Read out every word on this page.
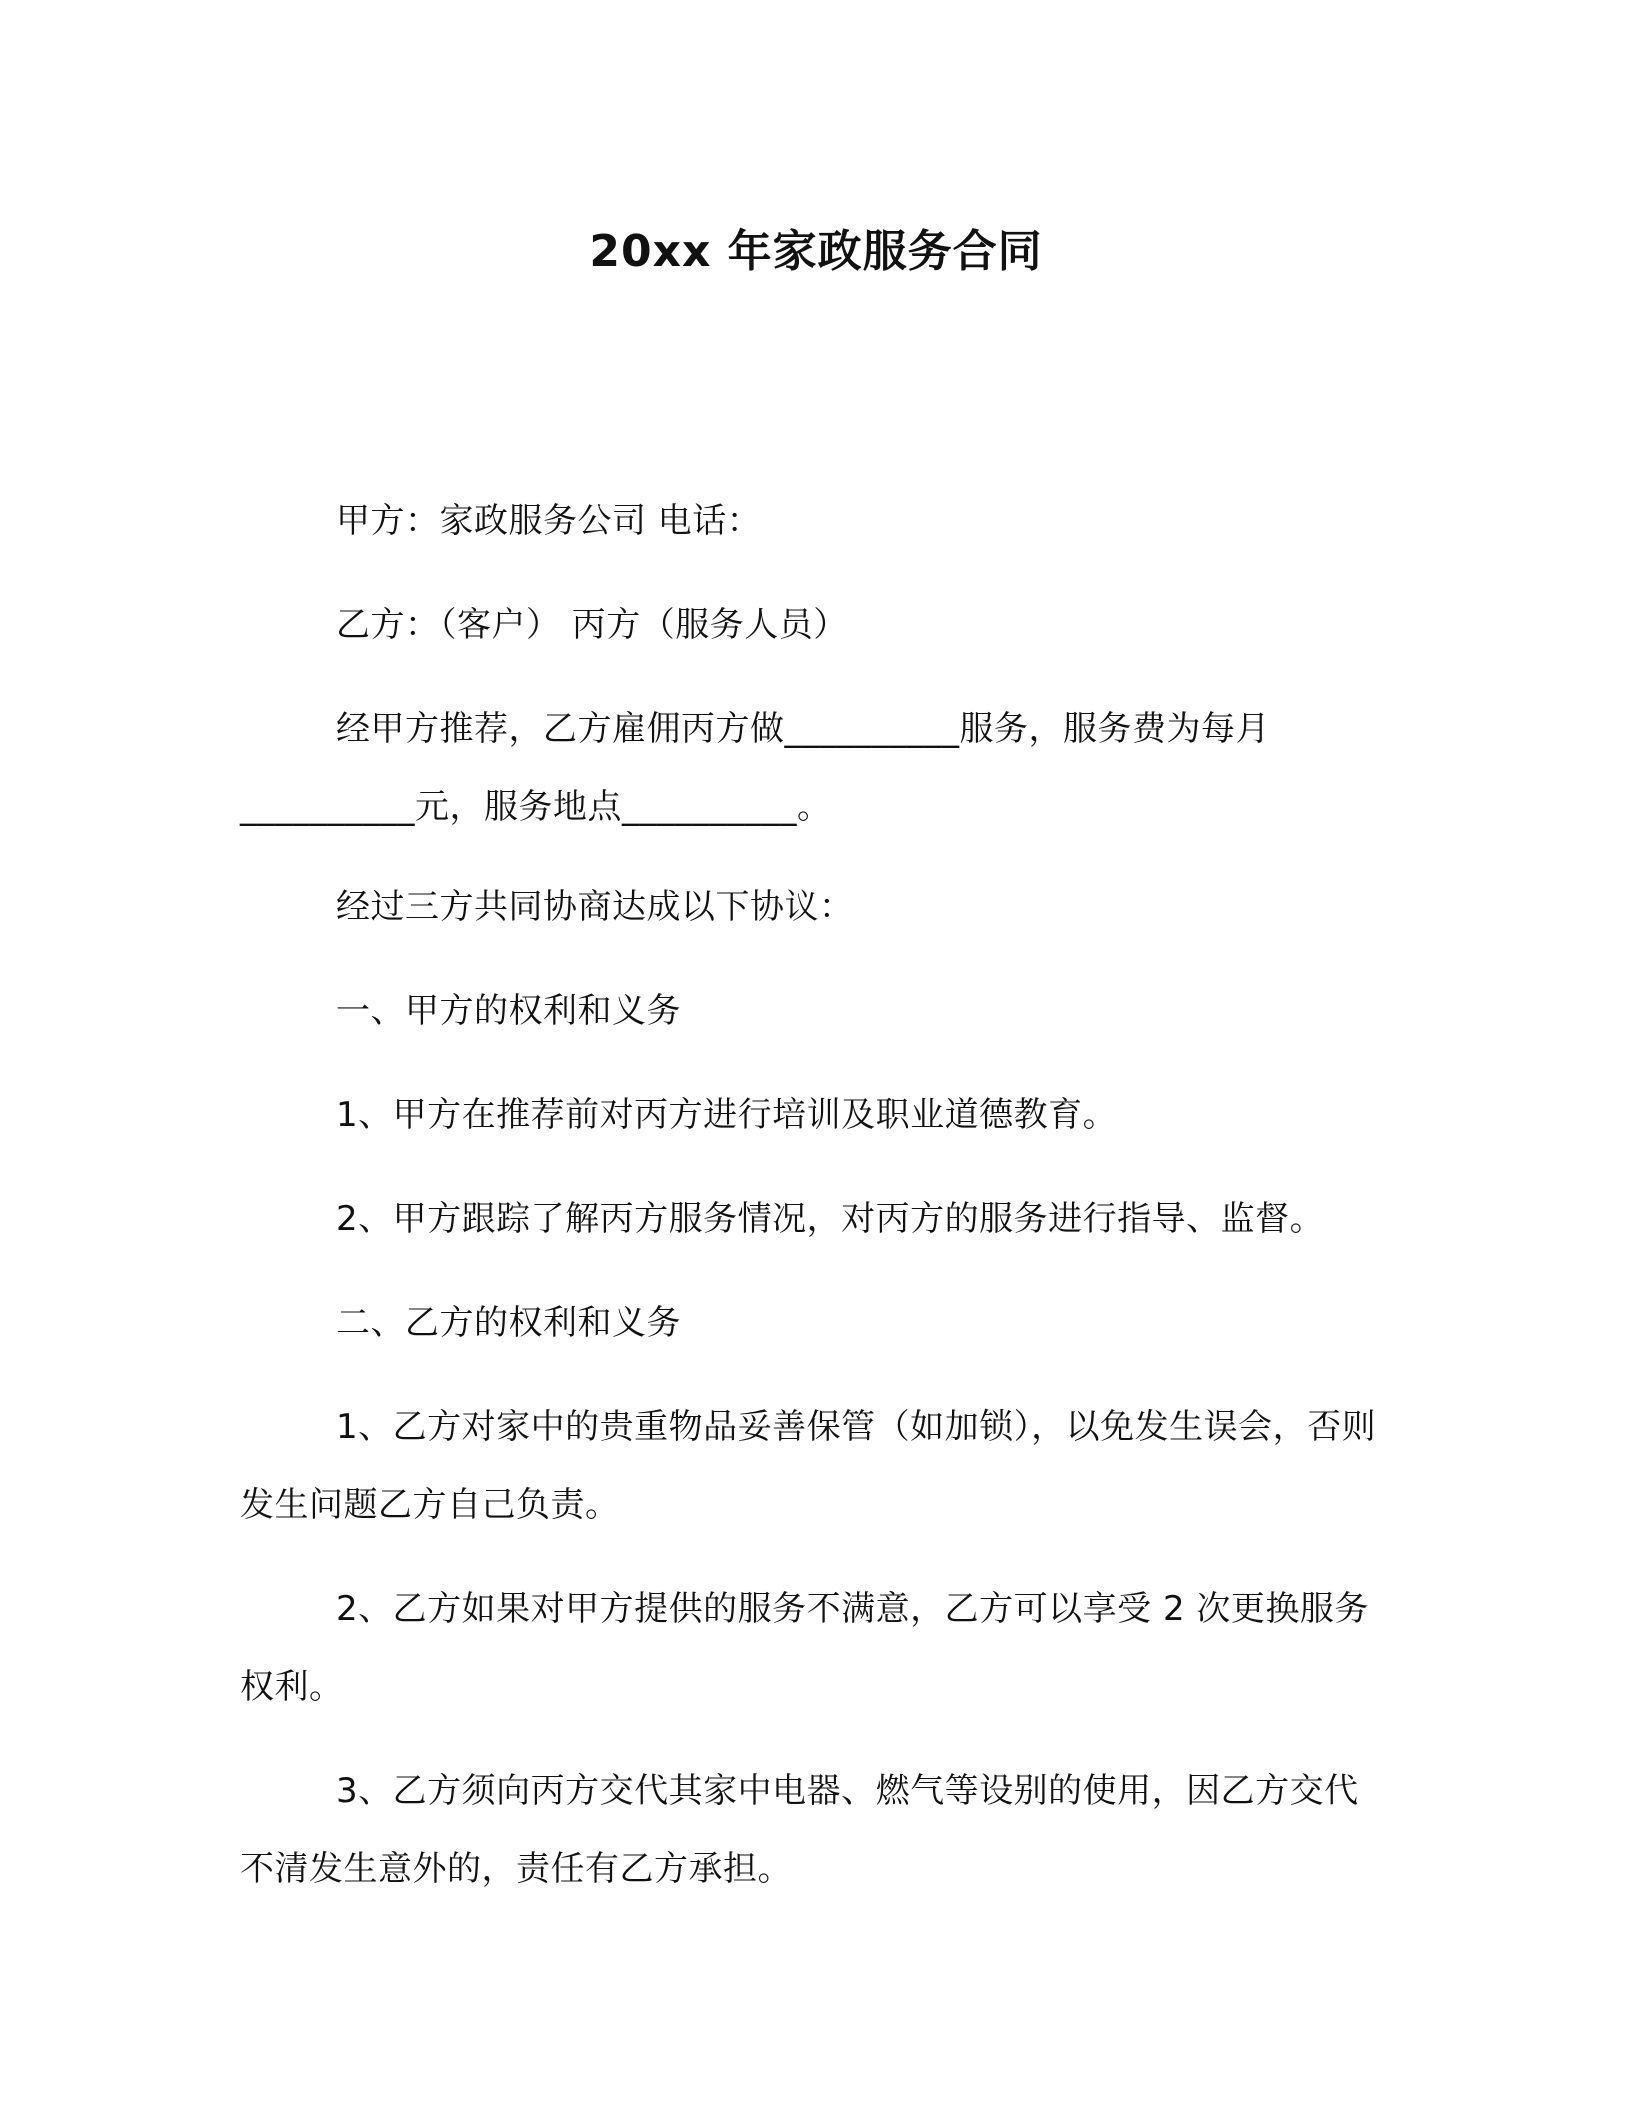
20xx 年家政服务合同

甲方：家政服务公司 电话：

乙方：（客户） 丙方（服务人员）

经甲方推荐，乙方雇佣丙方做__________服务，服务费为每月__________元，服务地点__________。

经过三方共同协商达成以下协议：

一、甲方的权利和义务

1、甲方在推荐前对丙方进行培训及职业道德教育。

2、甲方跟踪了解丙方服务情况，对丙方的服务进行指导、监督。

二、乙方的权利和义务

1、乙方对家中的贵重物品妥善保管（如加锁），以免发生误会，否则发生问题乙方自己负责。

2、乙方如果对甲方提供的服务不满意，乙方可以享受 2 次更换服务权利。

3、乙方须向丙方交代其家中电器、燃气等设别的使用，因乙方交代不清发生意外的，责任有乙方承担。
